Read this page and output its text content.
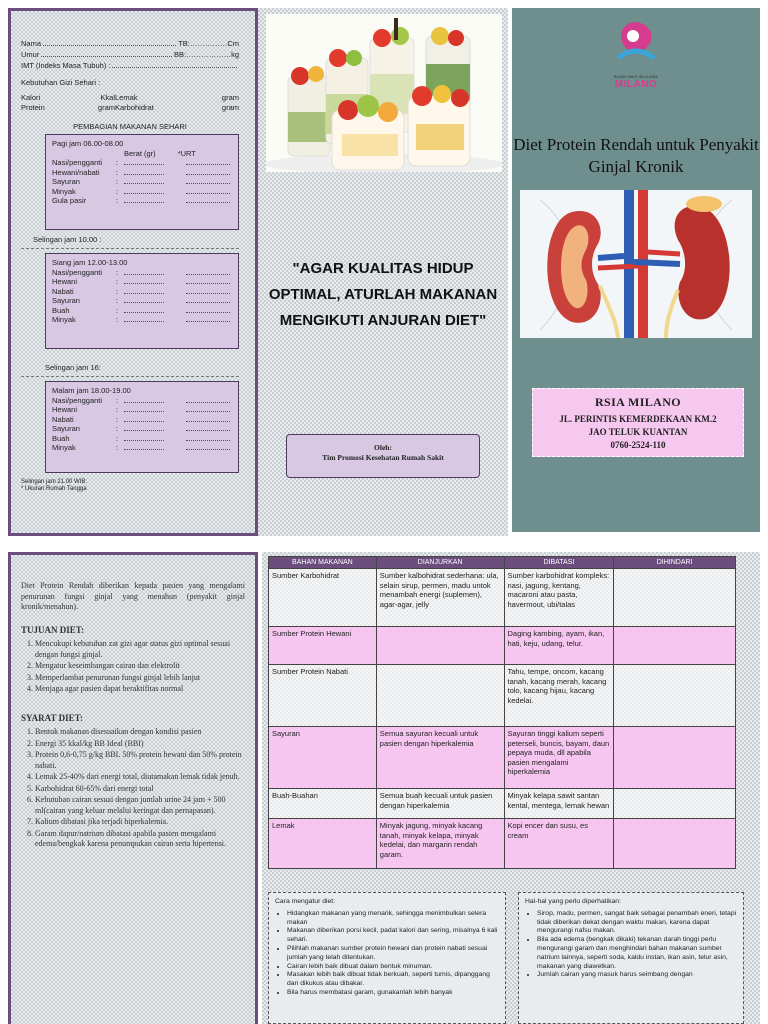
Nama	TB:……………Cm
Umur	BB:………………kg
IMT (Indeks Masa Tubuh) :
Kebutuhan Gizi Sehari :
Kalori	Kkal Lemak	gram
Protein	gram Karbohidrat	gram
PEMBAGIAN MAKANAN SEHARI
Pagi jam 06.00-08.00
Berat (gr)	*URT
Nasi/pengganti	:
Hewani/nabati	:
Sayuran	:
Minyak	:
Gula pasir	:
Selingan jam 10.00 :
Siang jam 12.00-13.00
Nasi/pengganti	:
Hewani	:
Nabati	:
Sayuran	:
Buah	:
Minyak	:
Selingan jam 16:
Malam jam 18.00-19.00
Nasi/pengganti	:
Hewani	:
Nabati	:
Sayuran	:
Buah	:
Minyak	:
Selingan jam 21.00 WIB:
* Ukuran Rumah Tangga
"AGAR KUALITAS HIDUP OPTIMAL, ATURLAH MAKANAN MENGIKUTI ANJURAN DIET"
Oleh:
Tim Promosi Kesehatan Rumah Sakit
RUMAH SAKIT IBU & ANAK
MILANO
Diet Protein Rendah untuk Penyakit Ginjal Kronik
RSIA MILANO
JL. PERINTIS KEMERDEKAAN KM.2
JAO TELUK KUANTAN
0760-2524-110
Diet Protein Rendah diberikan kepada pasien yang mengalami penurunan fungsi ginjal yang menahun (penyakit ginjal kronik/menahun).
TUJUAN DIET:
1. Mencukupi kebutuhan zat gizi agar status gizi optimal sesuai dengan fungsi ginjal.
2. Mengatur keseimbangan cairan dan elektrolit
3. Memperlambat penurunan fungsi ginjal lebih lanjut
4. Menjaga agar pasien dapat beraktifitas normal
SYARAT DIET:
1. Bentuk makanan disesuaikan dengan kondisi pasien
2. Energi 35 kkal/kg BB Ideal (BBI)
3. Protein 0,6-0,75 g/kg BBI. 50% protein hewani dan 50% protein nabati.
4. Lemak 25-40% dari energi total, diutamakan lemak tidak jenuh.
5. Karbohidrat 60-65% dari energi total
6. Kebutuhan cairan sesuai dengan jumlah urine 24 jam + 500 ml(cairan yang keluar melalui keringat dan pernapasan).
7. Kalium dibatasi jika terjadi hiperkalemia.
8. Garam dapur/natrium dibatasi apabila pasien mengalami edema/bengkak karena penumpukan cairan serta hipertensi.
BAHAN MAKANAN	DIANJURKAN	DIBATASI	DIHINDARI
Sumber Karbohidrat	Sumber kalbohidrat sederhana: ula, selain sirup, permen, madu untok menambah energi (suplemen), agar-agar, jelly	Sumber karbohidrat kompleks: nasi, jagung, kentang, macaroni atau pasta, havermout, ubi/talas	
Sumber Protein Hewani		Daging kambing, ayam, ikan, hati, keju, udang, telur.	
Sumber Protein Nabati		Tahu, tempe, oncom, kacang tanah, kacang merah, kacang tolo, kacang hijau, kacang kedelai.	
Sayuran	Semua sayuran kecuali untuk pasien dengan hiperkalemia	Sayuran tinggi kalium seperti peterseli, buncis, bayam, daun pepaya muda, dll apabila pasien mengalami hiperkalemia	
Buah-Buahan	Semua buah kecuali untuk pasien dengan hiperkalemia	Minyak kelapa sawit santan kental, mentega, lemak hewan	
Lemak	Minyak jagung, minyak kacang tanah, minyak kelapa, minyak kedelai, dan margarin rendah garam.	Kopi encer dan susu, es cream	
Cara mengatur diet:
• Hidangkan makanan yang menarik, sehingga menimbulkan selera makan
• Makanan diberikan porsi kecil, padat kalori dan sering, misalnya 6 kali sehari.
• Pilihlah makanan sumber protein hewani dan protein nabati sesuai jumlah yang telah ditentukan.
• Cairan lebih baik dibuat dalam bentuk minuman.
• Masakan lebih baik dibuat tidak berkuah, seperti tumis, dipanggang dan dikukus atau dibakar.
• Bila harus membatasi garam, gunakanlah lebih banyak
Hal-hal yang perlu diperhatikan:
• Sirop, madu, permen, sangat baik sebagai penambah eneri, tetapi tidak diberikan dekat dengan waktu makan, karena dapat mengurangi nafsu makan.
• Bila ada edema (bengkak dikaki) tekanan darah tinggi perlu mengurangi garam dan menghindari bahan makanan sumber natrium lainnya, seperti soda, kaldu instan, ikan asin, telur asin, makanan yang diawetkan.
• Jumlah cairan yang masuk harus seimbang dengan
